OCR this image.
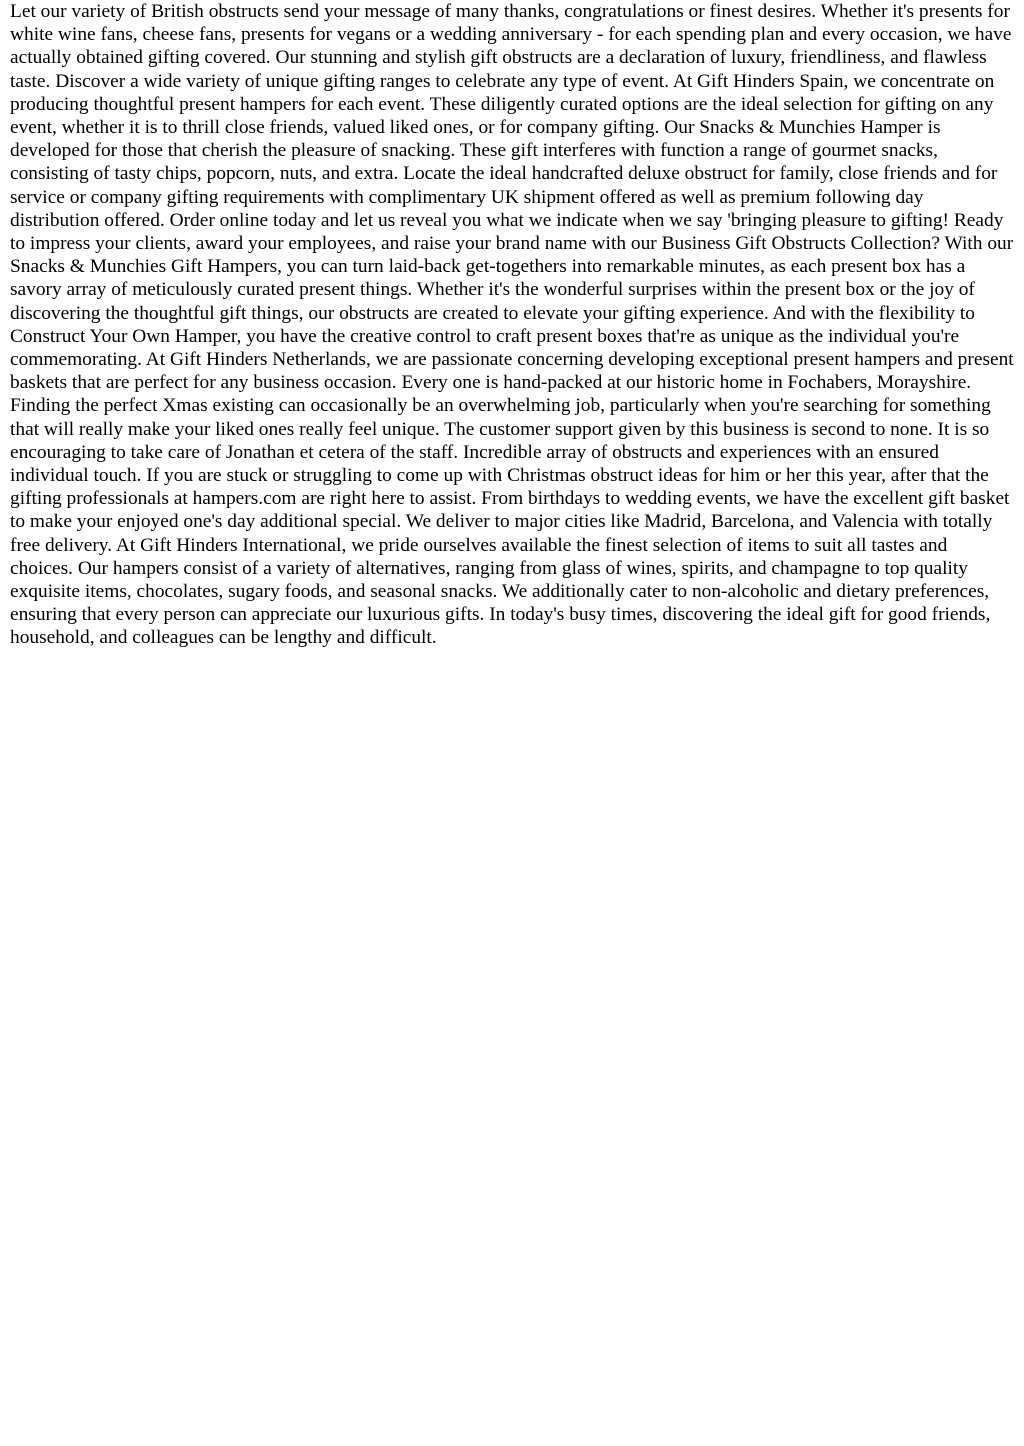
Let our variety of British obstructs send your message of many thanks, congratulations or finest desires. Whether it's presents for white wine fans, cheese fans, presents for vegans or a wedding anniversary - for each spending plan and every occasion, we have actually obtained gifting covered. Our stunning and stylish gift obstructs are a declaration of luxury, friendliness, and flawless taste. Discover a wide variety of unique gifting ranges to celebrate any type of event. At Gift Hinders Spain, we concentrate on producing thoughtful present hampers for each event. These diligently curated options are the ideal selection for gifting on any event, whether it is to thrill close friends, valued liked ones, or for company gifting. Our Snacks & Munchies Hamper is developed for those that cherish the pleasure of snacking. These gift interferes with function a range of gourmet snacks, consisting of tasty chips, popcorn, nuts, and extra. Locate the ideal handcrafted deluxe obstruct for family, close friends and for service or company gifting requirements with complimentary UK shipment offered as well as premium following day distribution offered. Order online today and let us reveal you what we indicate when we say 'bringing pleasure to gifting! Ready to impress your clients, award your employees, and raise your brand name with our Business Gift Obstructs Collection? With our Snacks & Munchies Gift Hampers, you can turn laid-back get-togethers into remarkable minutes, as each present box has a savory array of meticulously curated present things. Whether it's the wonderful surprises within the present box or the joy of discovering the thoughtful gift things, our obstructs are created to elevate your gifting experience. And with the flexibility to Construct Your Own Hamper, you have the creative control to craft present boxes that're as unique as the individual you're commemorating. At Gift Hinders Netherlands, we are passionate concerning developing exceptional present hampers and present baskets that are perfect for any business occasion. Every one is hand-packed at our historic home in Fochabers, Morayshire. Finding the perfect Xmas existing can occasionally be an overwhelming job, particularly when you're searching for something that will really make your liked ones really feel unique. The customer support given by this business is second to none. It is so encouraging to take care of Jonathan et cetera of the staff. Incredible array of obstructs and experiences with an ensured individual touch. If you are stuck or struggling to come up with Christmas obstruct ideas for him or her this year, after that the gifting professionals at hampers.com are right here to assist. From birthdays to wedding events, we have the excellent gift basket to make your enjoyed one's day additional special. We deliver to major cities like Madrid, Barcelona, and Valencia with totally free delivery. At Gift Hinders International, we pride ourselves available the finest selection of items to suit all tastes and choices. Our hampers consist of a variety of alternatives, ranging from glass of wines, spirits, and champagne to top quality exquisite items, chocolates, sugary foods, and seasonal snacks. We additionally cater to non-alcoholic and dietary preferences, ensuring that every person can appreciate our luxurious gifts. In today's busy times, discovering the ideal gift for good friends, household, and colleagues can be lengthy and difficult.
